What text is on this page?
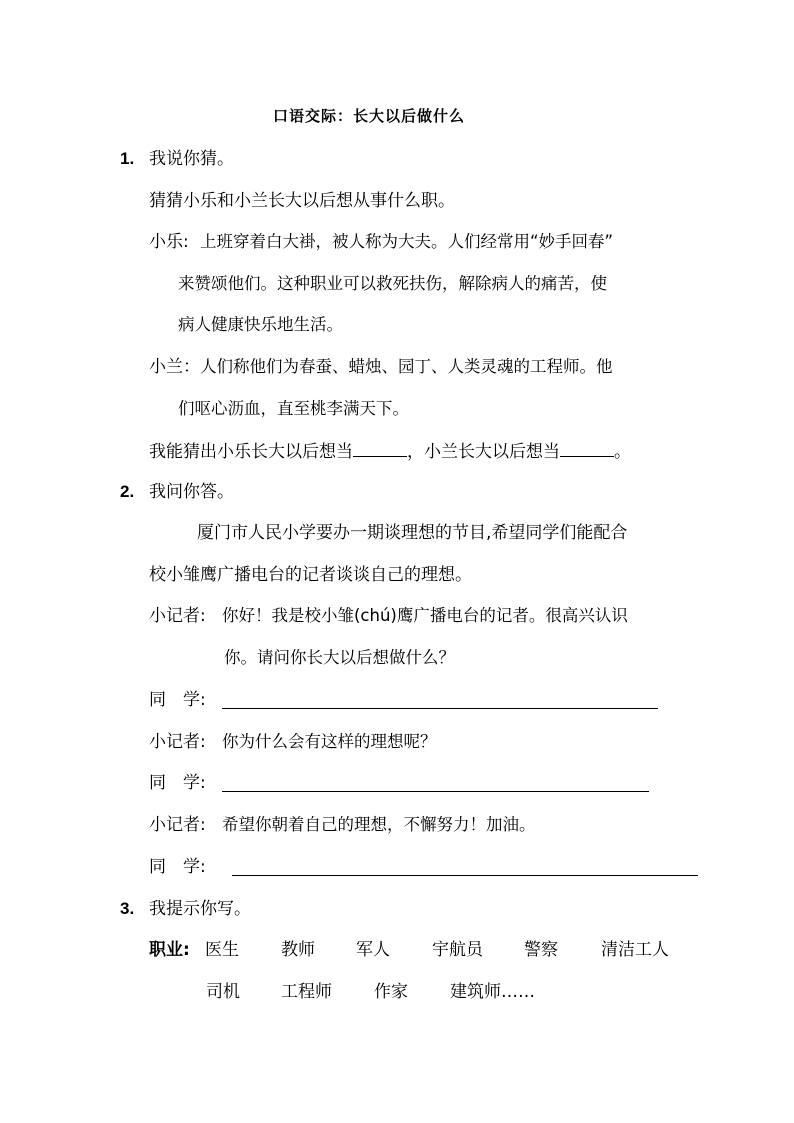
口语交际：长大以后做什么
1. 我说你猜。
猜猜小乐和小兰长大以后想从事什么职。
小乐: 上班穿着白大褂，被人称为大夫。人们经常用“妙手回春”
来赞颂他们。这种职业可以救死扶伤，解除病人的痛苦，使
病人健康快乐地生活。
小兰： 人们称他们为春蚕、蜡烛、园丁、人类灵魂的工程师。他
们呕心沥血，直至桃李满天下。
我能猜出小乐长大以后想当	，小兰长大以后想当	。
2. 我问你答。
厦门市人民小学要办一期谈理想的节目,希望同学们能配合
校小雏鹰广播电台的记者谈谈自己的理想。
小记者: 你好！我是校小雏(chú)鹰广播电台的记者。很高兴认识
你。请问你长大以后想做什么？
同　学:
小记者: 你为什么会有这样的理想呢？
同　学:
小记者: 希望你朝着自己的理想，不懈努力！加油。
同　学:
3. 我提示你写。
职业: 医生 教师 军人 宇航员 警察	清洁工人
司机 工程师 作家 建筑师……
